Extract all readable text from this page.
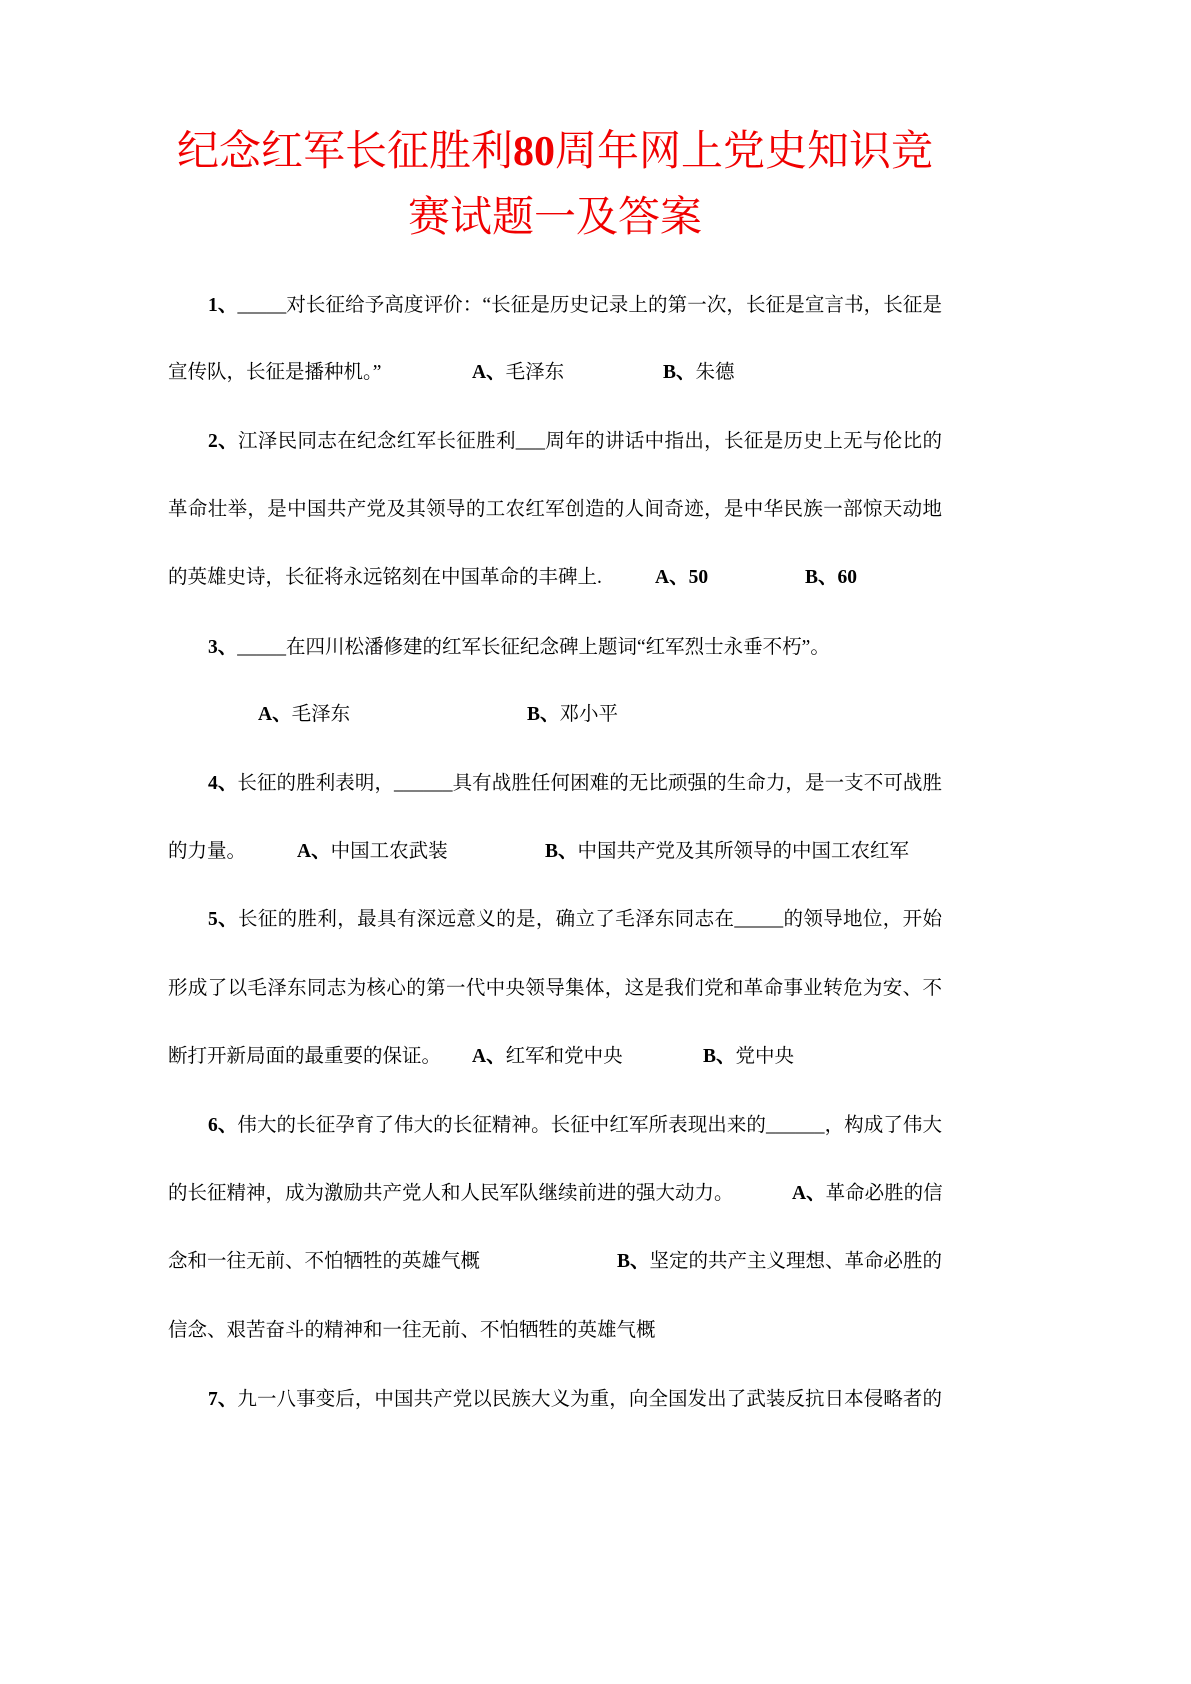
纪念红军长征胜利80周年网上党史知识竞
赛试题一及答案
1、_____对长征给予高度评价：“长征是历史记录上的第一次，长征是宣言书，长征是
宣传队，长征是播种机。”	A、毛泽东	B、朱德
2、江泽民同志在纪念红军长征胜利___周年的讲话中指出，长征是历史上无与伦比的
革命壮举，是中国共产党及其领导的工农红军创造的人间奇迹，是中华民族一部惊天动地
的英雄史诗，长征将永远铭刻在中国革命的丰碑上.	A、50	B、60
3、_____在四川松潘修建的红军长征纪念碑上题词“红军烈士永垂不朽”。
A、毛泽东	B、邓小平
4、长征的胜利表明，______具有战胜任何困难的无比顽强的生命力，是一支不可战胜
的力量。	A、中国工农武装	B、中国共产党及其所领导的中国工农红军
5、长征的胜利，最具有深远意义的是，确立了毛泽东同志在_____的领导地位，开始
形成了以毛泽东同志为核心的第一代中央领导集体，这是我们党和革命事业转危为安、不
断打开新局面的最重要的保证。 A、红军和党中央	B、党中央
6、伟大的长征孕育了伟大的长征精神。长征中红军所表现出来的______，构成了伟大
的长征精神，成为激励共产党人和人民军队继续前进的强大动力。	A、革命必胜的信
念和一往无前、不怕牺牲的英雄气概	B、坚定的共产主义理想、革命必胜的
信念、艰苦奋斗的精神和一往无前、不怕牺牲的英雄气概
7、九一八事变后，中国共产党以民族大义为重，向全国发出了武装反抗日本侵略者的
